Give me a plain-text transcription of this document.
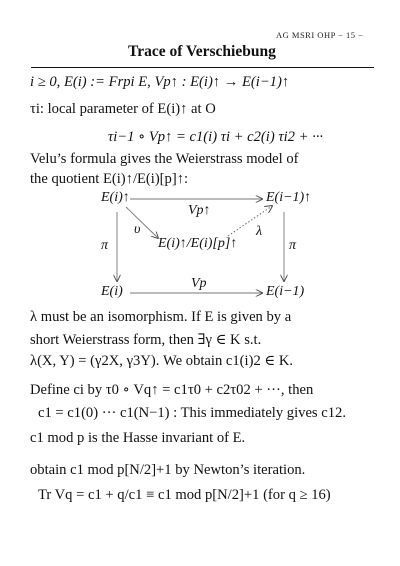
AG MSRI OHP − 15 −
Trace of Verschiebung
i ≥ 0, E(i) := Frpi E, Vp↑ : E(i)↑ → E(i−1)↑
τi: local parameter of E(i)↑ at O
τi−1 ∘ Vp↑ = c1(i) τi + c2(i) τi2 + ···
Velu’s formula gives the Weierstrass model of
the quotient E(i)↑/E(i)[p]↑:
E(i)↑	E(i−1)↑
E(i)	E(i−1)
Vp↑
Vp
π	π
υ	λ
E(i)↑/E(i)[p]↑
λ must be an isomorphism. If E is given by a
short Weierstrass form, then ∃γ ∈ K s.t.
λ(X, Y) = (γ2X, γ3Y). We obtain c1(i)2 ∈ K.
Define ci by τ0 ∘ Vq↑ = c1τ0 + c2τ02 + ···, then
c1 = c1(0) ··· c1(N−1) : This immediately gives c12.
c1 mod p is the Hasse invariant of E.
obtain c1 mod p[N/2]+1 by Newton’s iteration.
Tr Vq = c1 + q/c1 ≡ c1 mod p[N/2]+1 (for q ≥ 16)
